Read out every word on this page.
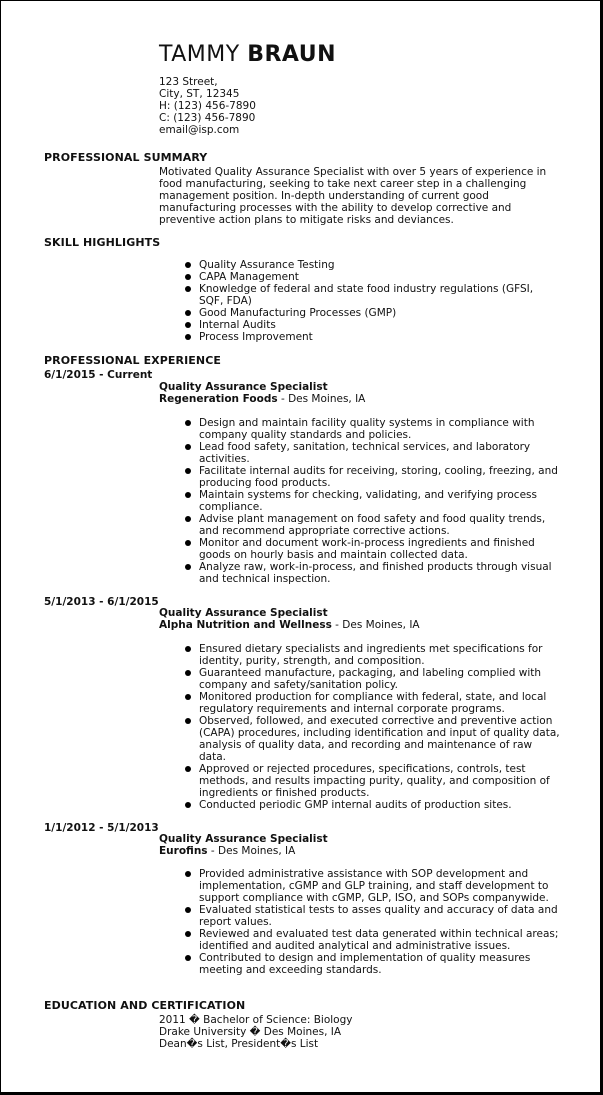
TAMMY BRAUN
123 Street,
City, ST, 12345
H: (123) 456-7890
C: (123) 456-7890
email@isp.com
PROFESSIONAL SUMMARY
Motivated Quality Assurance Specialist with over 5 years of experience in food manufacturing, seeking to take next career step in a challenging management position. In-depth understanding of current good manufacturing processes with the ability to develop corrective and preventive action plans to mitigate risks and deviances.
SKILL HIGHLIGHTS
Quality Assurance Testing
CAPA Management
Knowledge of federal and state food industry regulations (GFSI, SQF, FDA)
Good Manufacturing Processes (GMP)
Internal Audits
Process Improvement
PROFESSIONAL EXPERIENCE
6/1/2015 - Current
Quality Assurance Specialist
Regeneration Foods - Des Moines, IA
Design and maintain facility quality systems in compliance with company quality standards and policies.
Lead food safety, sanitation, technical services, and laboratory activities.
Facilitate internal audits for receiving, storing, cooling, freezing, and producing food products.
Maintain systems for checking, validating, and verifying process compliance.
Advise plant management on food safety and food quality trends, and recommend appropriate corrective actions.
Monitor and document work-in-process ingredients and finished goods on hourly basis and maintain collected data.
Analyze raw, work-in-process, and finished products through visual and technical inspection.
5/1/2013 - 6/1/2015
Quality Assurance Specialist
Alpha Nutrition and Wellness - Des Moines, IA
Ensured dietary specialists and ingredients met specifications for identity, purity, strength, and composition.
Guaranteed manufacture, packaging, and labeling complied with company and safety/sanitation policy.
Monitored production for compliance with federal, state, and local regulatory requirements and internal corporate programs.
Observed, followed, and executed corrective and preventive action (CAPA) procedures, including identification and input of quality data, analysis of quality data, and recording and maintenance of raw data.
Approved or rejected procedures, specifications, controls, test methods, and results impacting purity, quality, and composition of ingredients or finished products.
Conducted periodic GMP internal audits of production sites.
1/1/2012 - 5/1/2013
Quality Assurance Specialist
Eurofins - Des Moines, IA
Provided administrative assistance with SOP development and implementation, cGMP and GLP training, and staff development to support compliance with cGMP, GLP, ISO, and SOPs companywide.
Evaluated statistical tests to asses quality and accuracy of data and report values.
Reviewed and evaluated test data generated within technical areas; identified and audited analytical and administrative issues.
Contributed to design and implementation of quality measures meeting and exceeding standards.
EDUCATION AND CERTIFICATION
2011 � Bachelor of Science: Biology
Drake University � Des Moines, IA
Dean�s List, President�s List
